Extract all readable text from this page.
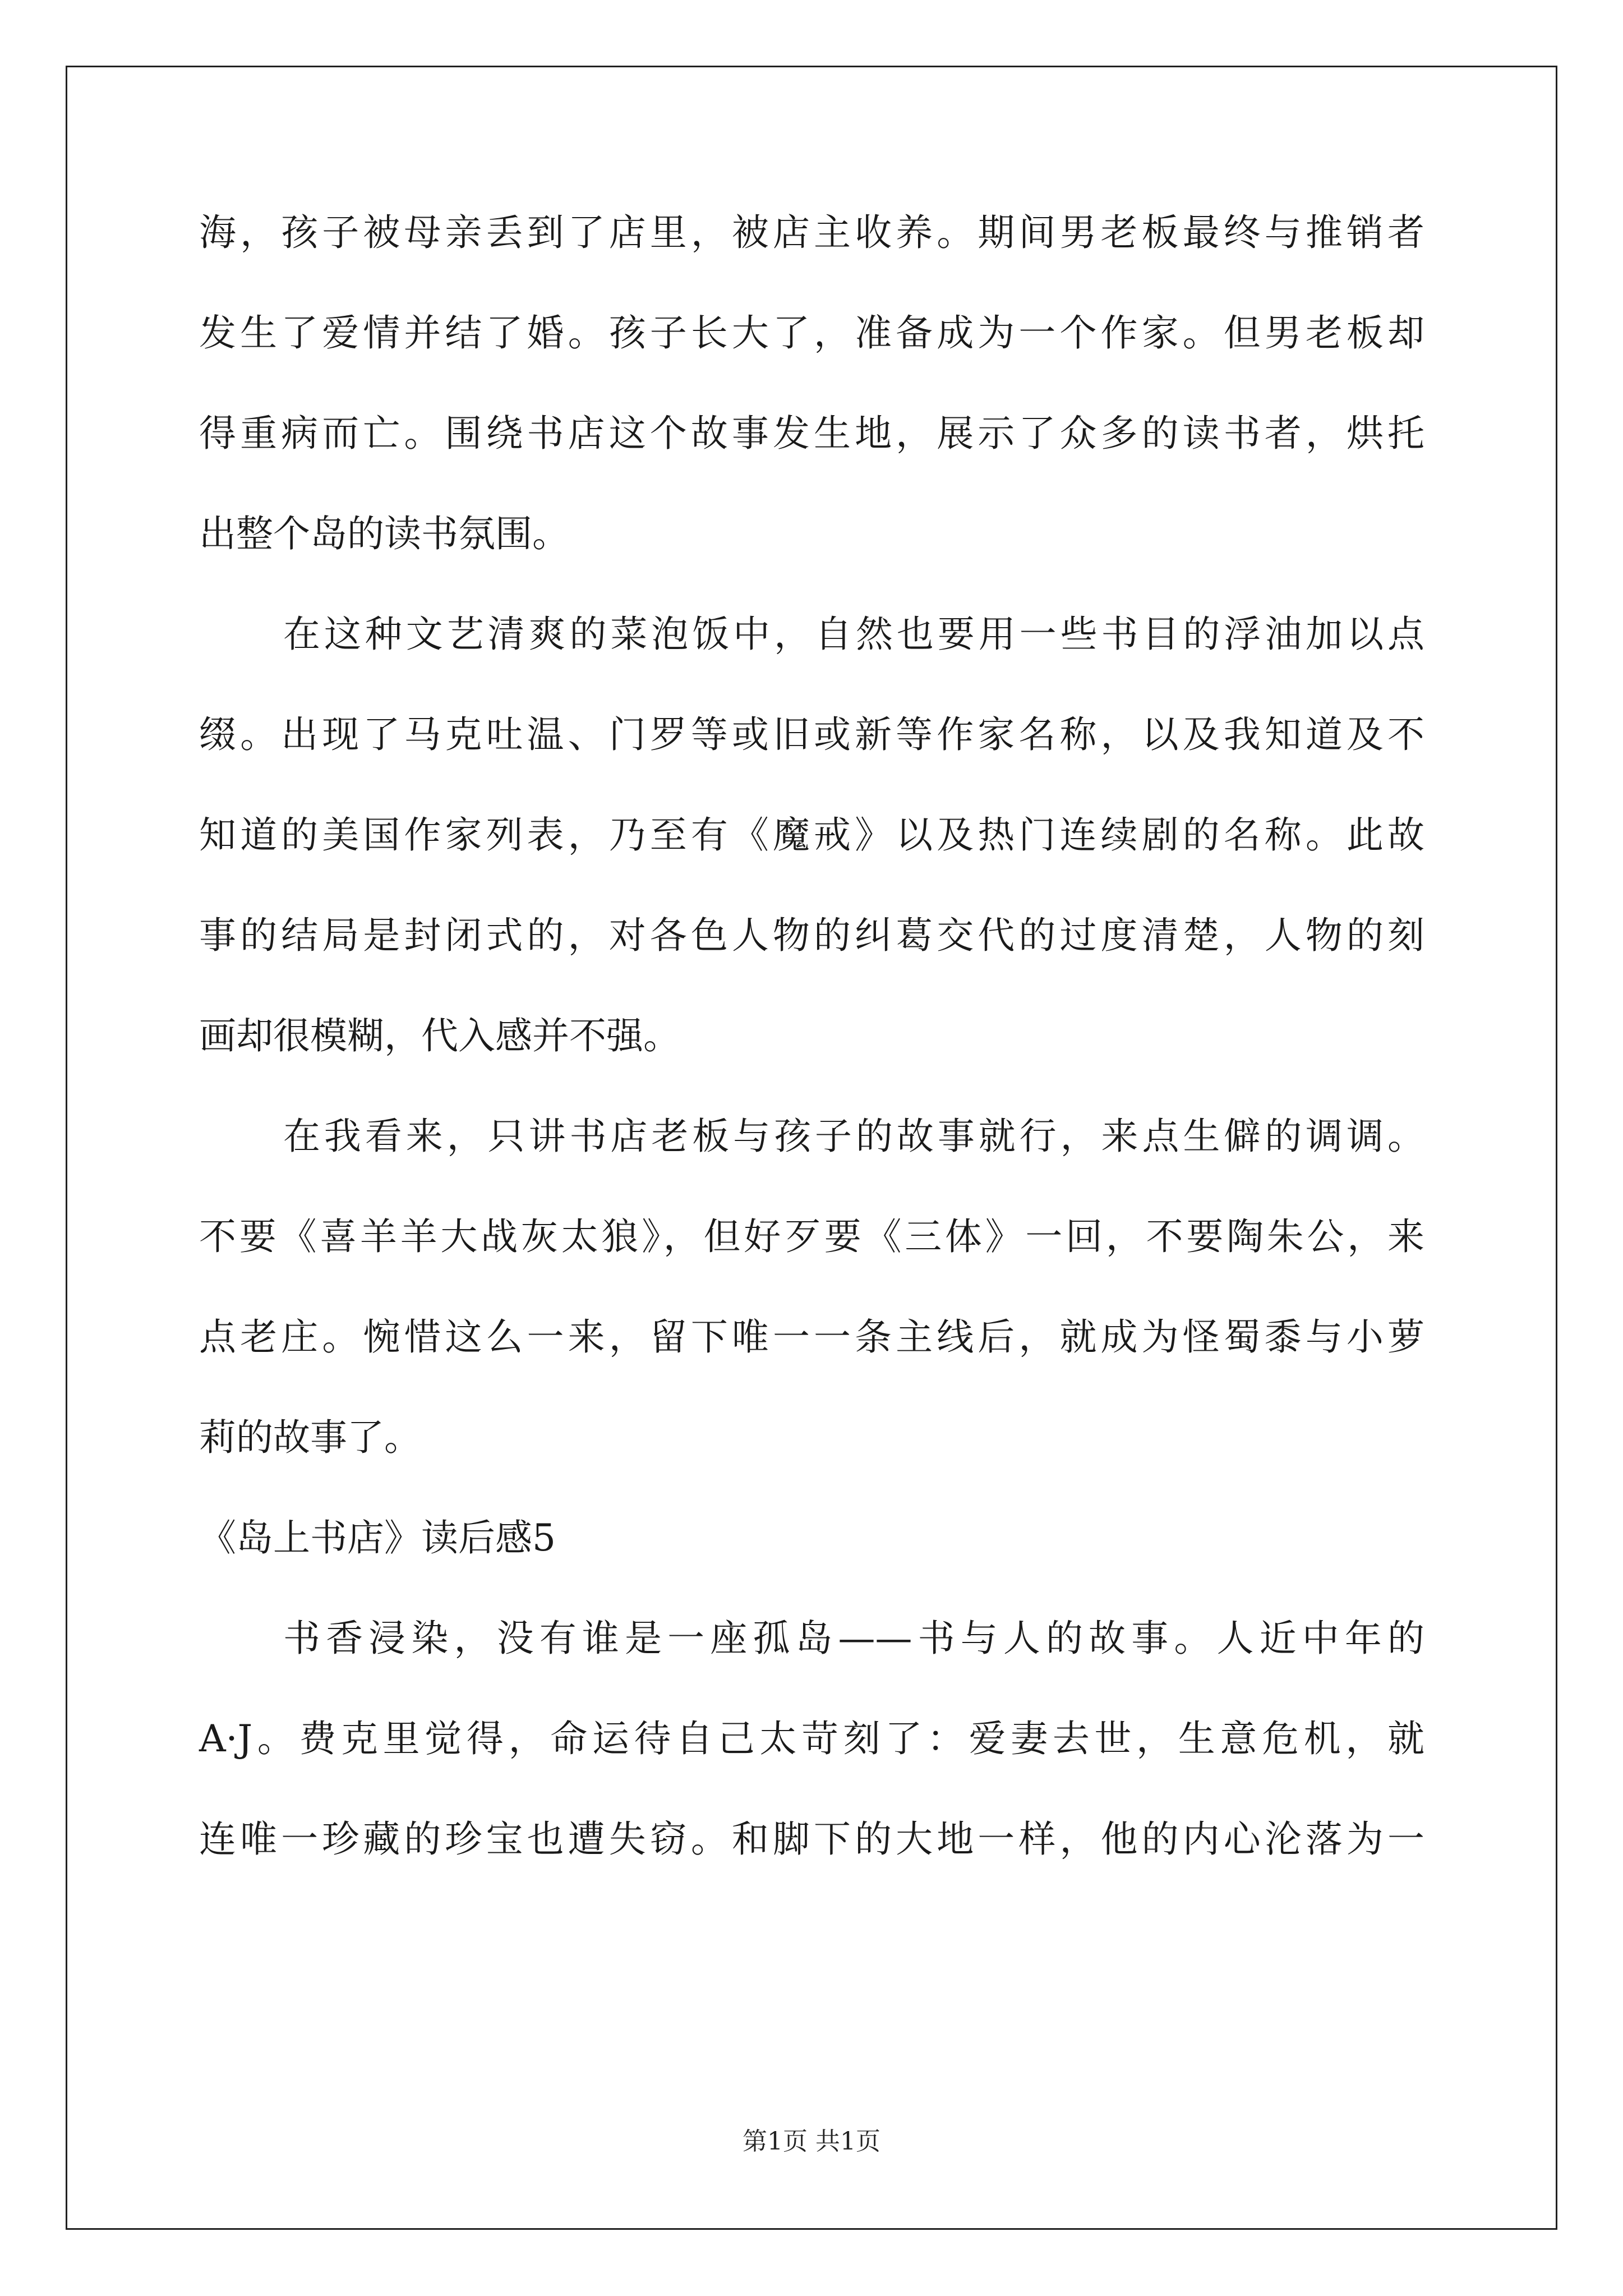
海，孩子被母亲丢到了店里，被店主收养。期间男老板最终与推销者
发生了爱情并结了婚。孩子长大了，准备成为一个作家。但男老板却
得重病而亡。围绕书店这个故事发生地，展示了众多的读书者，烘托
出整个岛的读书氛围。
在这种文艺清爽的菜泡饭中，自然也要用一些书目的浮油加以点
缀。出现了马克吐温、门罗等或旧或新等作家名称，以及我知道及不
知道的美国作家列表，乃至有《魔戒》以及热门连续剧的名称。此故
事的结局是封闭式的，对各色人物的纠葛交代的过度清楚，人物的刻
画却很模糊，代入感并不强。
在我看来，只讲书店老板与孩子的故事就行，来点生僻的调调。
不要《喜羊羊大战灰太狼》，但好歹要《三体》一回，不要陶朱公，来
点老庄。惋惜这么一来，留下唯一一条主线后，就成为怪蜀黍与小萝
莉的故事了。
《岛上书店》读后感5
书香浸染，没有谁是一座孤岛——书与人的故事。人近中年的
A·J。费克里觉得，命运待自己太苛刻了：爱妻去世，生意危机，就
连唯一珍藏的珍宝也遭失窃。和脚下的大地一样，他的内心沦落为一
第1页 共1页
